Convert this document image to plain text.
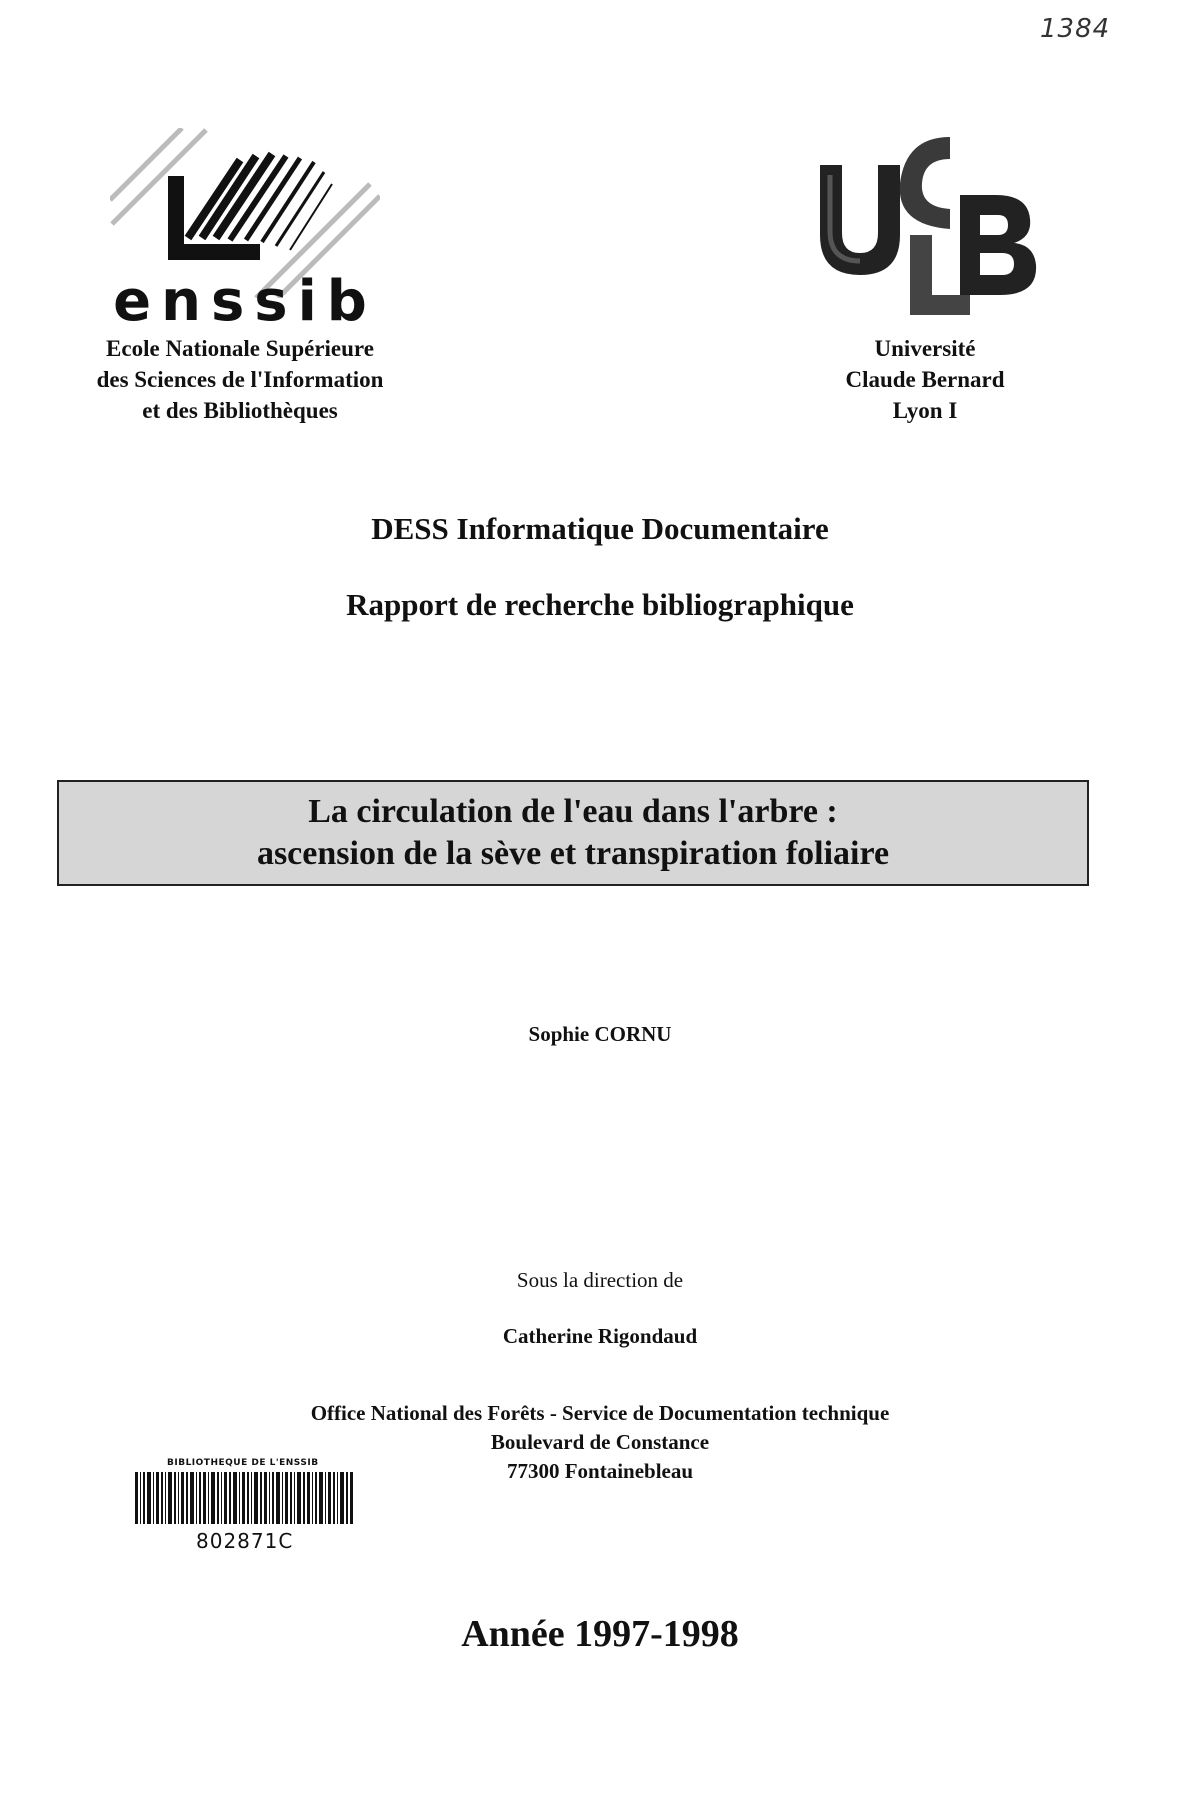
1384
enssib
Ecole Nationale Supérieure
des Sciences de l'Information
et des Bibliothèques
Université
Claude Bernard
Lyon I
DESS Informatique Documentaire
Rapport de recherche bibliographique
La circulation de l'eau dans l'arbre :
ascension de la sève et transpiration foliaire
Sophie CORNU
Sous la direction de
Catherine Rigondaud
Office National des Forêts - Service de Documentation technique
Boulevard de Constance
77300 Fontainebleau
BIBLIOTHEQUE DE L'ENSSIB
802871C
Année 1997-1998
